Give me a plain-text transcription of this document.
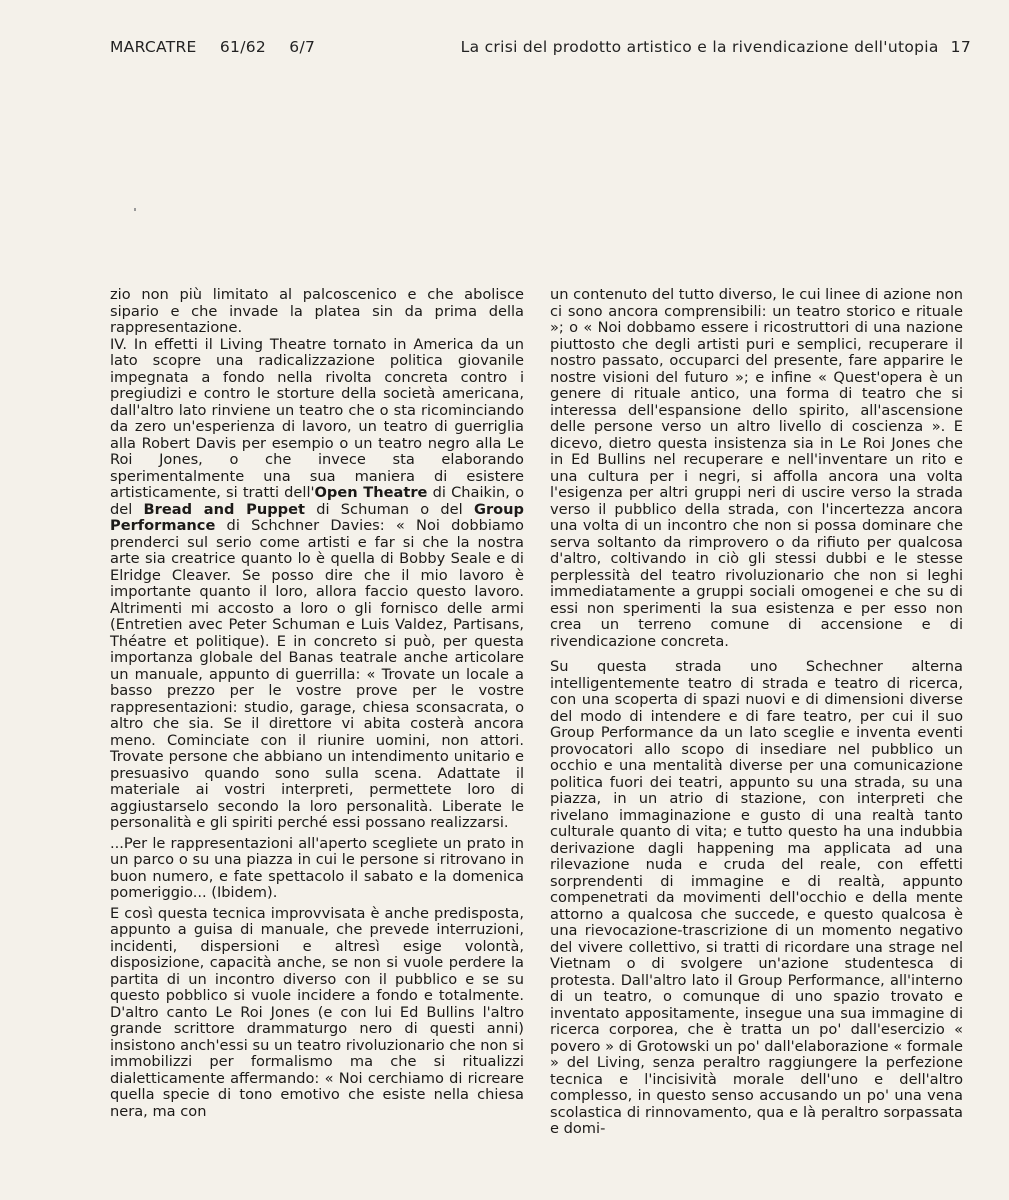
MARCATRE 61/62 6/7	La crisi del prodotto artistico e la rivendicazione dell'utopia 17

zio non più limitato al palcoscenico e che abolisce sipario e che invade la platea sin da prima della rappresentazione.

IV. In effetti il Living Theatre tornato in America da un lato scopre una radicalizzazione politica giovanile impegnata a fondo nella rivolta concreta contro i pregiudizi e contro le storture della società americana, dall'altro lato rinviene un teatro che o sta ricominciando da zero un'esperienza di lavoro, un teatro di guerriglia alla Robert Davis per esempio o un teatro negro alla Le Roi Jones, o che invece sta elaborando sperimentalmente una sua maniera di esistere artisticamente, si tratti dell'Open Theatre di Chaikin, o del Bread and Puppet di Schuman o del Group Performance di Schchner Davies: « Noi dobbiamo prenderci sul serio come artisti e far si che la nostra arte sia creatrice quanto lo è quella di Bobby Seale e di Elridge Cleaver. Se posso dire che il mio lavoro è importante quanto il loro, allora faccio questo lavoro. Altrimenti mi accosto a loro o gli fornisco delle armi (Entretien avec Peter Schuman e Luis Valdez, Partisans, Théatre et politique). E in concreto si può, per questa importanza globale del Banas teatrale anche articolare un manuale, appunto di guerrilla: « Trovate un locale a basso prezzo per le vostre prove per le vostre rappresentazioni: studio, garage, chiesa sconsacrata, o altro che sia. Se il direttore vi abita costerà ancora meno. Cominciate con il riunire uomini, non attori. Trovate persone che abbiano un intendimento unitario e presuasivo quando sono sulla scena. Adattate il materiale ai vostri interpreti, permettete loro di aggiustarselo secondo la loro personalità. Liberate le personalità e gli spiriti perché essi possano realizzarsi.

...Per le rappresentazioni all'aperto scegliete un prato in un parco o su una piazza in cui le persone si ritrovano in buon numero, e fate spettacolo il sabato e la domenica pomeriggio... (Ibidem).

E così questa tecnica improvvisata è anche predisposta, appunto a guisa di manuale, che prevede interruzioni, incidenti, dispersioni e altresì esige volontà, disposizione, capacità anche, se non si vuole perdere la partita di un incontro diverso con il pubblico e se su questo pobblico si vuole incidere a fondo e totalmente. D'altro canto Le Roi Jones (e con lui Ed Bullins l'altro grande scrittore drammaturgo nero di questi anni) insistono anch'essi su un teatro rivoluzionario che non si immobilizzi per formalismo ma che si ritualizzi dialetticamente affermando: « Noi cerchiamo di ricreare quella specie di tono emotivo che esiste nella chiesa nera, ma con

un contenuto del tutto diverso, le cui linee di azione non ci sono ancora comprensibili: un teatro storico e rituale »; o « Noi dobbamo essere i ricostruttori di una nazione piuttosto che degli artisti puri e semplici, recuperare il nostro passato, occuparci del presente, fare apparire le nostre visioni del futuro »; e infine « Quest'opera è un genere di rituale antico, una forma di teatro che si interessa dell'espansione dello spirito, all'ascensione delle persone verso un altro livello di coscienza ». E dicevo, dietro questa insistenza sia in Le Roi Jones che in Ed Bullins nel recuperare e nell'inventare un rito e una cultura per i negri, si affolla ancora una volta l'esigenza per altri gruppi neri di uscire verso la strada verso il pubblico della strada, con l'incertezza ancora una volta di un incontro che non si possa dominare che serva soltanto da rimprovero o da rifiuto per qualcosa d'altro, coltivando in ciò gli stessi dubbi e le stesse perplessità del teatro rivoluzionario che non si leghi immediatamente a gruppi sociali omogenei e che su di essi non sperimenti la sua esistenza e per esso non crea un terreno comune di accensione e di rivendicazione concreta.

Su questa strada uno Schechner alterna intelligentemente teatro di strada e teatro di ricerca, con una scoperta di spazi nuovi e di dimensioni diverse del modo di intendere e di fare teatro, per cui il suo Group Performance da un lato sceglie e inventa eventi provocatori allo scopo di insediare nel pubblico un occhio e una mentalità diverse per una comunicazione politica fuori dei teatri, appunto su una strada, su una piazza, in un atrio di stazione, con interpreti che rivelano immaginazione e gusto di una realtà tanto culturale quanto di vita; e tutto questo ha una indubbia derivazione dagli happening ma applicata ad una rilevazione nuda e cruda del reale, con effetti sorprendenti di immagine e di realtà, appunto compenetrati da movimenti dell'occhio e della mente attorno a qualcosa che succede, e questo qualcosa è una rievocazione-trascrizione di un momento negativo del vivere collettivo, si tratti di ricordare una strage nel Vietnam o di svolgere un'azione studentesca di protesta. Dall'altro lato il Group Performance, all'interno di un teatro, o comunque di uno spazio trovato e inventato appositamente, insegue una sua immagine di ricerca corporea, che è tratta un po' dall'esercizio « povero » di Grotowski un po' dall'elaborazione « formale » del Living, senza peraltro raggiungere la perfezione tecnica e l'incisività morale dell'uno e dell'altro complesso, in questo senso accusando un po' una vena scolastica di rinnovamento, qua e là peraltro sorpassata e domi-
